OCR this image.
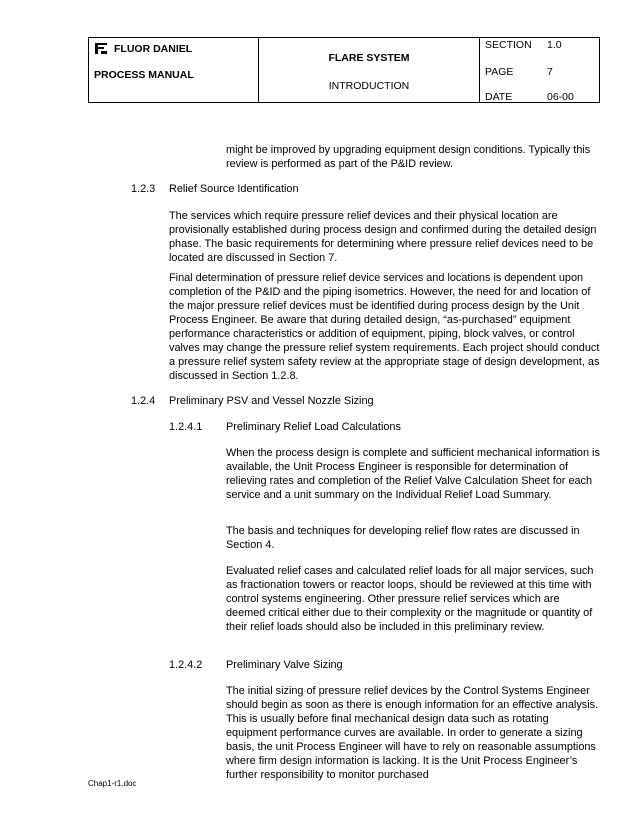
FLUOR DANIEL
PROCESS MANUAL
FLARE SYSTEM
INTRODUCTION
SECTION	1.0
PAGE	7
DATE	06-00

might be improved by upgrading equipment design conditions. Typically this review is performed as part of the P&ID review.

1.2.3 Relief Source Identification

The services which require pressure relief devices and their physical location are provisionally established during process design and confirmed during the detailed design phase. The basic requirements for determining where pressure relief devices need to be located are discussed in Section 7.

Final determination of pressure relief device services and locations is dependent upon completion of the P&ID and the piping isometrics. However, the need for and location of the major pressure relief devices must be identified during process design by the Unit Process Engineer. Be aware that during detailed design, “as-purchased” equipment performance characteristics or addition of equipment, piping, block valves, or control valves may change the pressure relief system requirements. Each project should conduct a pressure relief system safety review at the appropriate stage of design development, as discussed in Section 1.2.8.

1.2.4 Preliminary PSV and Vessel Nozzle Sizing
1.2.4.1 Preliminary Relief Load Calculations

When the process design is complete and sufficient mechanical information is available, the Unit Process Engineer is responsible for determination of relieving rates and completion of the Relief Valve Calculation Sheet for each service and a unit summary on the Individual Relief Load Summary.

The basis and techniques for developing relief flow rates are discussed in Section 4.

Evaluated relief cases and calculated relief loads for all major services, such as fractionation towers or reactor loops, should be reviewed at this time with control systems engineering. Other pressure relief services which are deemed critical either due to their complexity or the magnitude or quantity of their relief loads should also be included in this preliminary review.

1.2.4.2 Preliminary Valve Sizing

The initial sizing of pressure relief devices by the Control Systems Engineer should begin as soon as there is enough information for an effective analysis. This is usually before final mechanical design data such as rotating equipment performance curves are available. In order to generate a sizing basis, the unit Process Engineer will have to rely on reasonable assumptions where firm design information is lacking. It is the Unit Process Engineer’s further responsibility to monitor purchased

Chap1-r1.doc
